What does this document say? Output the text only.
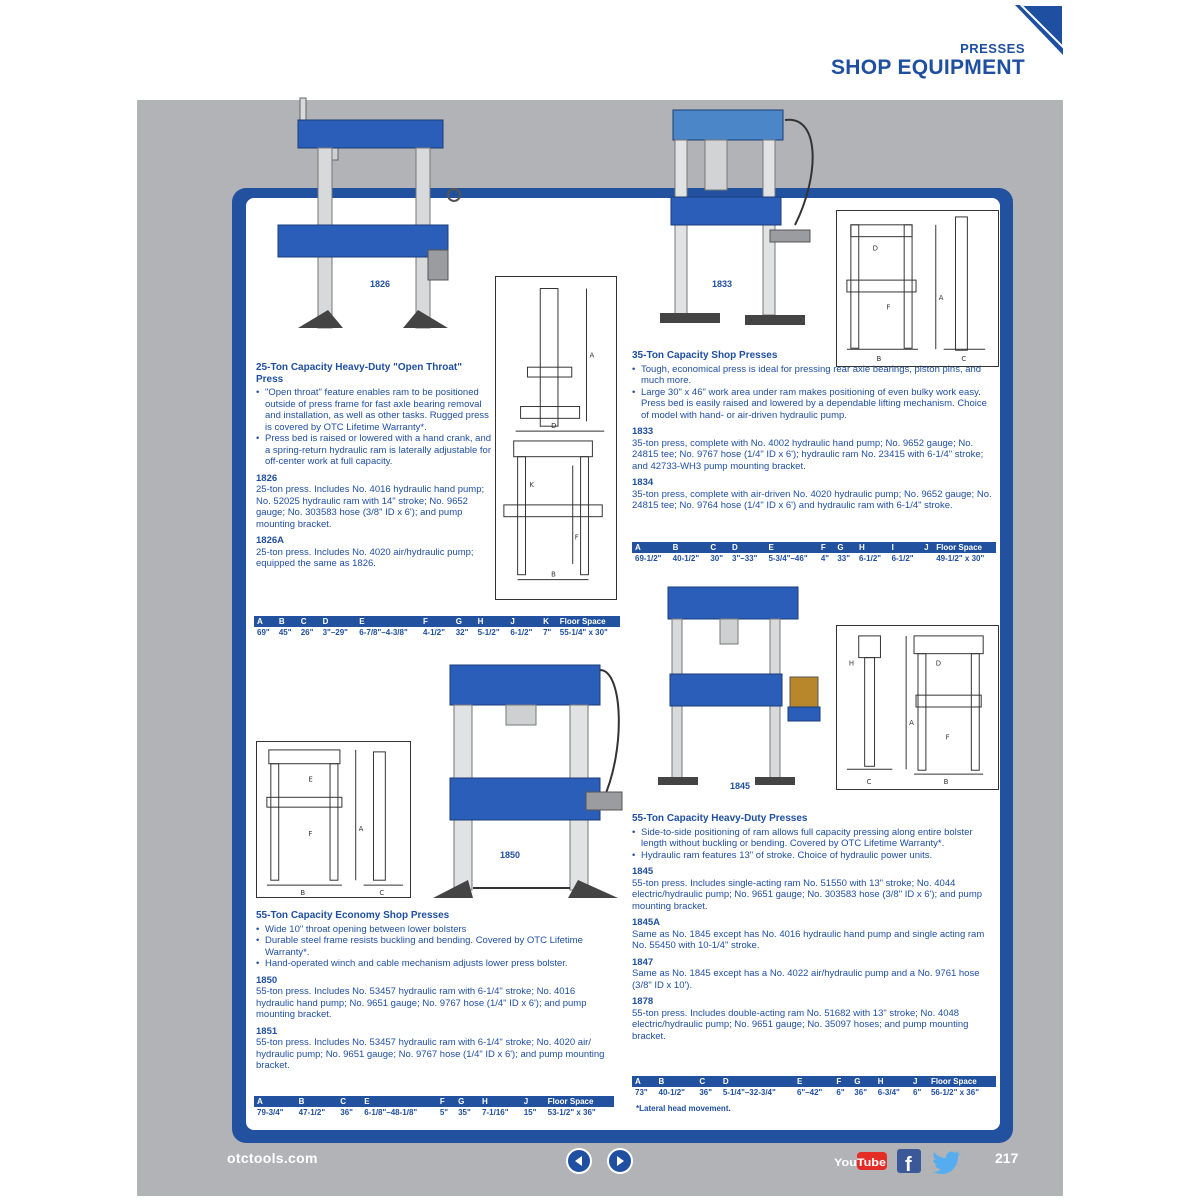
PRESSES
SHOP EQUIPMENT
1826	1833
A
D
K
F
B
D
A
F
B	C
25-Ton Capacity Heavy-Duty "Open Throat" Press
• "Open throat" feature enables ram to be positioned outside of press frame for fast axle bearing removal and installation, as well as other tasks. Rugged press is covered by OTC Lifetime Warranty*.
• Press bed is raised or lowered with a hand crank, and a spring-return hydraulic ram is laterally adjustable for off-center work at full capacity.

1826

25-ton press. Includes No. 4016 hydraulic hand pump; No. 52025 hydraulic ram with 14" stroke; No. 9652 gauge; No. 303583 hose (3/8" ID x 6'); and pump mounting bracket.

1826A

25-ton press. Includes No. 4020 air/hydraulic pump; equipped the same as 1826.

A	B	C	D	E	F	G	H	J	K	Floor Space
69"	45"	26"	3"–29"	6-7/8"–4-3/8"	4-1/2"	32"	5-1/2"	6-1/2"	7"	55-1/4" x 30"
35-Ton Capacity Shop Presses
• Tough, economical press is ideal for pressing rear axle bearings, piston pins, and much more.
• Large 30" x 46" work area under ram makes positioning of even bulky work easy. Press bed is easily raised and lowered by a dependable lifting mechanism. Choice of model with hand- or air-driven hydraulic pump.

1833

35-ton press, complete with No. 4002 hydraulic hand pump; No. 9652 gauge; No. 24815 tee; No. 9767 hose (1/4" ID x 6'); hydraulic ram No. 23415 with 6-1/4" stroke; and 42733-WH3 pump mounting bracket.

1834

35-ton press, complete with air-driven No. 4020 hydraulic pump; No. 9652 gauge; No. 24815 tee; No. 9764 hose (1/4" ID x 6') and hydraulic ram with 6-1/4" stroke.

A	B	C	D	E	F	G	H	I	J	Floor Space
69-1/2"	40-1/2"	30"	3"–33"	5-3/4"–46"	4"	33"	6-1/2"	6-1/2"		49-1/2" x 30"
1845
H
A
D
F
B
C
1850
E
A
F
B	C
55-Ton Capacity Economy Shop Presses
• Wide 10" throat opening between lower bolsters
• Durable steel frame resists buckling and bending. Covered by OTC Lifetime Warranty*.
• Hand-operated winch and cable mechanism adjusts lower press bolster.

1850

55-ton press. Includes No. 53457 hydraulic ram with 6-1/4" stroke; No. 4016 hydraulic hand pump; No. 9651 gauge; No. 9767 hose (1/4" ID x 6'); and pump mounting bracket.

1851

55-ton press. Includes No. 53457 hydraulic ram with 6-1/4" stroke; No. 4020 air/ hydraulic pump; No. 9651 gauge; No. 9767 hose (1/4" ID x 6'); and pump mounting bracket.

A	B	C	E	F	G	H	J	Floor Space
79-3/4"	47-1/2"	36"	6-1/8"–48-1/8"	5"	35"	7-1/16"	15"	53-1/2" x 36"
55-Ton Capacity Heavy-Duty Presses
• Side-to-side positioning of ram allows full capacity pressing along entire bolster length without buckling or bending. Covered by OTC Lifetime Warranty*.
• Hydraulic ram features 13" of stroke. Choice of hydraulic power units.

1845

55-ton press. Includes single-acting ram No. 51550 with 13" stroke; No. 4044 electric/hydraulic pump; No. 9651 gauge; No. 303583 hose (3/8" ID x 6'); and pump mounting bracket.

1845A

Same as No. 1845 except has No. 4016 hydraulic hand pump and single acting ram No. 55450 with 10-1/4" stroke.

1847

Same as No. 1845 except has a No. 4022 air/hydraulic pump and a No. 9761 hose (3/8" ID x 10').

1878

55-ton press. Includes double-acting ram No. 51682 with 13" stroke; No. 4048 electric/hydraulic pump; No. 9651 gauge; No. 35097 hoses; and pump mounting bracket.

A	B	C	D	E	F	G	H	J	Floor Space
73"	40-1/2"	36"	5-1/4"–32-3/4"	6"–42"	6"	36"	6-3/4"	6"	56-1/2" x 36"
*Lateral head movement.
otctools.com	YouTube f	217
